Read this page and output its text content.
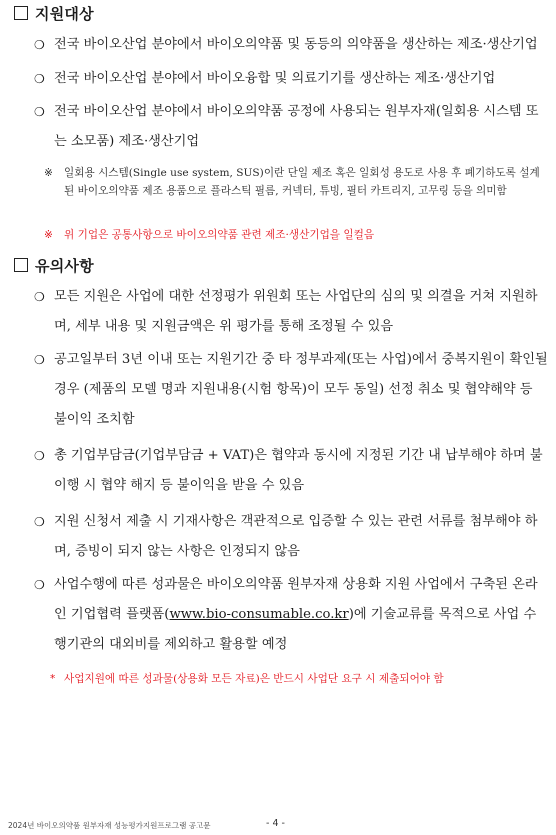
지원대상
❍ 전국 바이오산업 분야에서 바이오의약품 및 동등의 의약품을 생산하는 제조·생산기업
❍ 전국 바이오산업 분야에서 바이오융합 및 의료기기를 생산하는 제조·생산기업
❍ 전국 바이오산업 분야에서 바이오의약품 공정에 사용되는 원부자재(일회용 시스템 또는 소모품) 제조·생산기업
※	일회용 시스템(Single use system, SUS)이란 단일 제조 혹은 일회성 용도로 사용 후 폐기하도록 설계된 바이오의약품 제조 용품으로 플라스틱 필름, 커넥터, 튜빙, 필터 카트리지, 고무링 등을 의미함
※	위 기업은 공통사항으로 바이오의약품 관련 제조·생산기업을 일컬음
유의사항
❍ 모든 지원은 사업에 대한 선정평가 위원회 또는 사업단의 심의 및 의결을 거쳐 지원하며, 세부 내용 및 지원금액은 위 평가를 통해 조정될 수 있음
❍ 공고일부터 3년 이내 또는 지원기간 중 타 정부과제(또는 사업)에서 중복지원이 확인될 경우 (제품의 모델 명과 지원내용(시험 항목)이 모두 동일) 선정 취소 및 협약해약 등 불이익 조치함
❍ 총 기업부담금(기업부담금 + VAT)은 협약과 동시에 지정된 기간 내 납부해야 하며 불이행 시 협약 해지 등 불이익을 받을 수 있음
❍ 지원 신청서 제출 시 기재사항은 객관적으로 입증할 수 있는 관련 서류를 첨부해야 하며, 증빙이 되지 않는 사항은 인정되지 않음
❍ 사업수행에 따른 성과물은 바이오의약품 원부자재 상용화 지원 사업에서 구축된 온라인 기업협력 플랫폼(www.bio-consumable.co.kr)에 기술교류를 목적으로 사업 수행기관의 대외비를 제외하고 활용할 예정
* 사업지원에 따른 성과물(상용화 모든 자료)은 반드시 사업단 요구 시 제출되어야 함
2024년 바이오의약품 원부자재 성능평가지원프로그램 공고문	- 4 -
